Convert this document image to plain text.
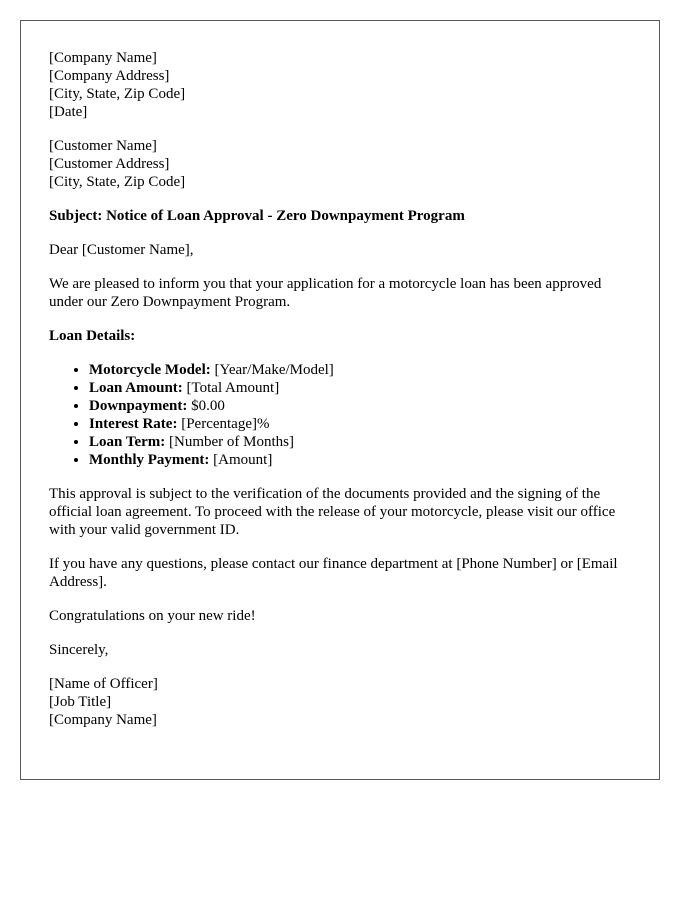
[Company Name]
[Company Address]
[City, State, Zip Code]
[Date]
[Customer Name]
[Customer Address]
[City, State, Zip Code]

Subject: Notice of Loan Approval - Zero Downpayment Program

Dear [Customer Name],

We are pleased to inform you that your application for a motorcycle loan has been approved under our Zero Downpayment Program.

Loan Details:

• Motorcycle Model: [Year/Make/Model]
• Loan Amount: [Total Amount]
• Downpayment: $0.00
• Interest Rate: [Percentage]%
• Loan Term: [Number of Months]
• Monthly Payment: [Amount]

This approval is subject to the verification of the documents provided and the signing of the official loan agreement. To proceed with the release of your motorcycle, please visit our office with your valid government ID.

If you have any questions, please contact our finance department at [Phone Number] or [Email Address].

Congratulations on your new ride!

Sincerely,

[Name of Officer]
[Job Title]
[Company Name]
